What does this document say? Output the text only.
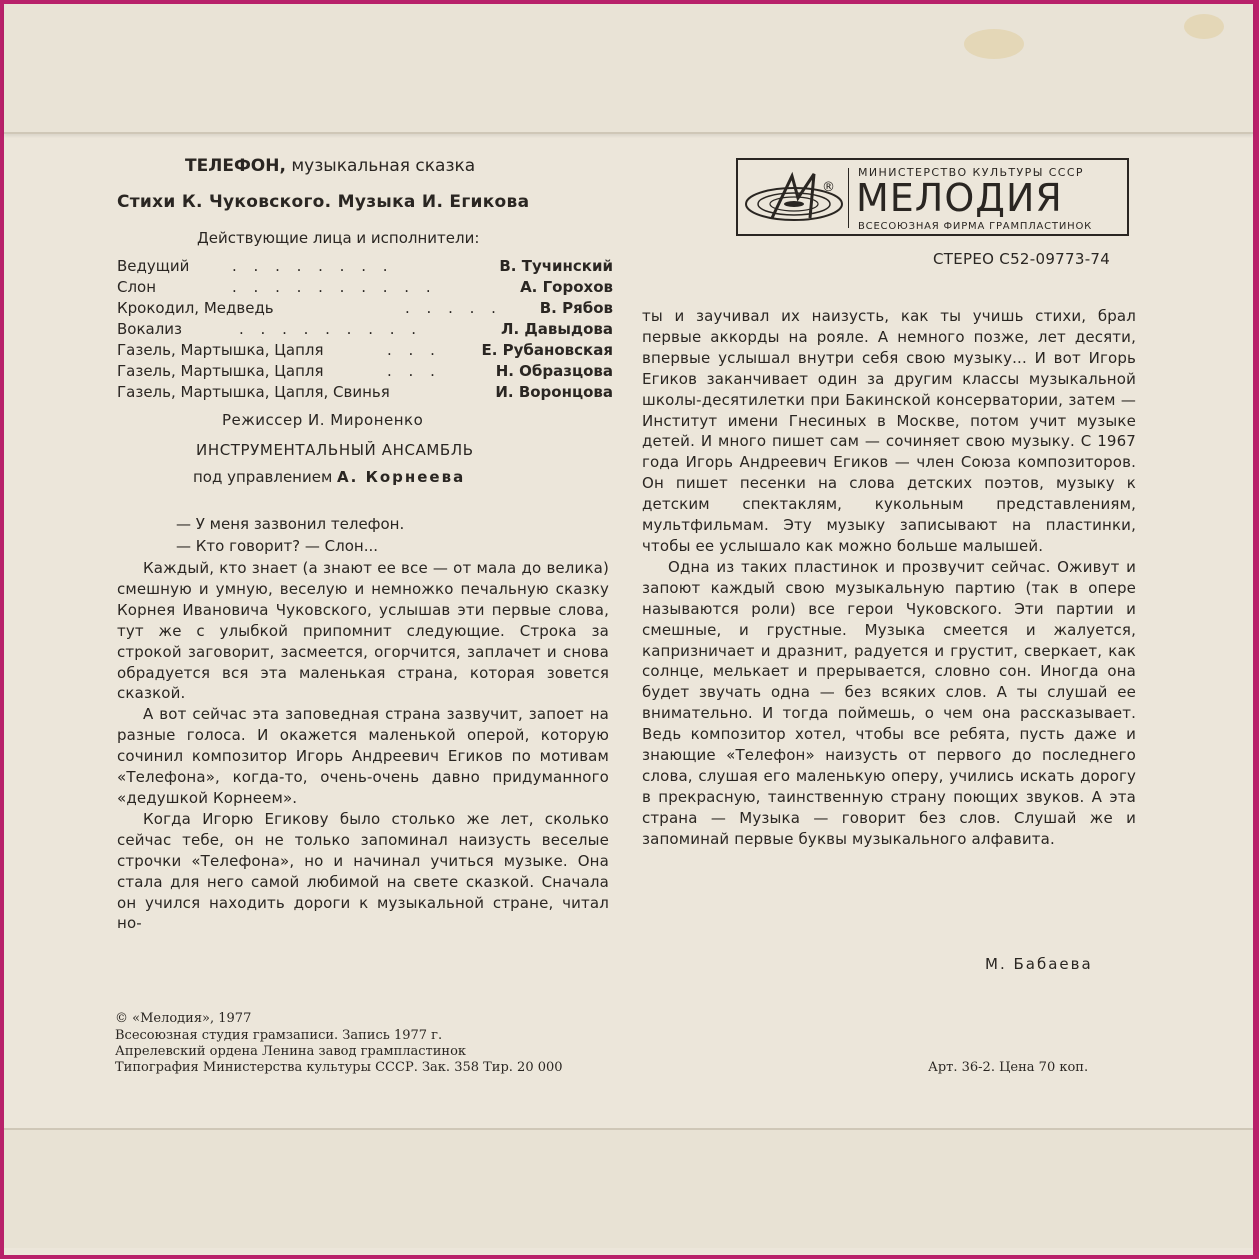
ТЕЛЕФОН, музыкальная сказка
Стихи К. Чуковского. Музыка И. Егикова
Действующие лица и исполнители:
Ведущий	. . . . . . . .	В. Тучинский
Слон	. . . . . . . . . .	А. Горохов
Крокодил, Медведь	. . . . .	В. Рябов
Вокализ	. . . . . . . . .	Л. Давыдова
Газель, Мартышка, Цапля	. . .	Е. Рубановская
Газель, Мартышка, Цапля	. . .	Н. Образцова
Газель, Мартышка, Цапля, Свинья	И. Воронцова
Режиссер И. Мироненко
ИНСТРУМЕНТАЛЬНЫЙ АНСАМБЛЬ
под управлением А. Корнеева
— У меня зазвонил телефон.
— Кто говорит? — Слон...

Каждый, кто знает (а знают ее все — от мала до велика) смешную и умную, веселую и немножко печальную сказку Корнея Ивановича Чуковского, услышав эти первые слова, тут же с улыбкой припомнит следующие. Строка за строкой заговорит, засмеется, огорчится, заплачет и снова обрадуется вся эта маленькая страна, которая зовется сказкой.

А вот сейчас эта заповедная страна зазвучит, запоет на разные голоса. И окажется маленькой оперой, которую сочинил композитор Игорь Андреевич Егиков по мотивам «Телефона», когда-то, очень-очень давно придуманного «дедушкой Корнеем».

Когда Игорю Егикову было столько же лет, сколько сейчас тебе, он не только запоминал наизусть веселые строчки «Телефона», но и начинал учиться музыке. Она стала для него самой любимой на свете сказкой. Сначала он учился находить дороги к музыкальной стране, читал но-

®
МИНИСТЕРСТВО КУЛЬТУРЫ СССР
МЕЛОДИЯ
ВСЕСОЮЗНАЯ ФИРМА ГРАМПЛАСТИНОК
СТЕРЕО С52-09773-74

ты и заучивал их наизусть, как ты учишь стихи, брал первые аккорды на рояле. А немного позже, лет десяти, впервые услышал внутри себя свою музыку... И вот Игорь Егиков заканчивает один за другим классы музыкальной школы-десятилетки при Бакинской консерватории, затем — Институт имени Гнесиных в Москве, потом учит музыке детей. И много пишет сам — сочиняет свою музыку. С 1967 года Игорь Андреевич Егиков — член Союза композиторов. Он пишет песенки на слова детских поэтов, музыку к детским спектаклям, кукольным представлениям, мультфильмам. Эту музыку записывают на пластинки, чтобы ее услышало как можно больше малышей.

Одна из таких пластинок и прозвучит сейчас. Оживут и запоют каждый свою музыкальную партию (так в опере называются роли) все герои Чуковского. Эти партии и смешные, и грустные. Музыка смеется и жалуется, капризничает и дразнит, радуется и грустит, сверкает, как солнце, мелькает и прерывается, словно сон. Иногда она будет звучать одна — без всяких слов. А ты слушай ее внимательно. И тогда поймешь, о чем она рассказывает. Ведь композитор хотел, чтобы все ребята, пусть даже и знающие «Телефон» наизусть от первого до последнего слова, слушая его маленькую оперу, учились искать дорогу в прекрасную, таинственную страну поющих звуков. А эта страна — Музыка — говорит без слов. Слушай же и запоминай первые буквы музыкального алфавита.

М. Бабаева
© «Мелодия», 1977
Всесоюзная студия грамзаписи. Запись 1977 г.
Апрелевский ордена Ленина завод грампластинок
Типография Министерства культуры СССР. Зак. 358 Тир. 20 000	Арт. 36-2. Цена 70 коп.
